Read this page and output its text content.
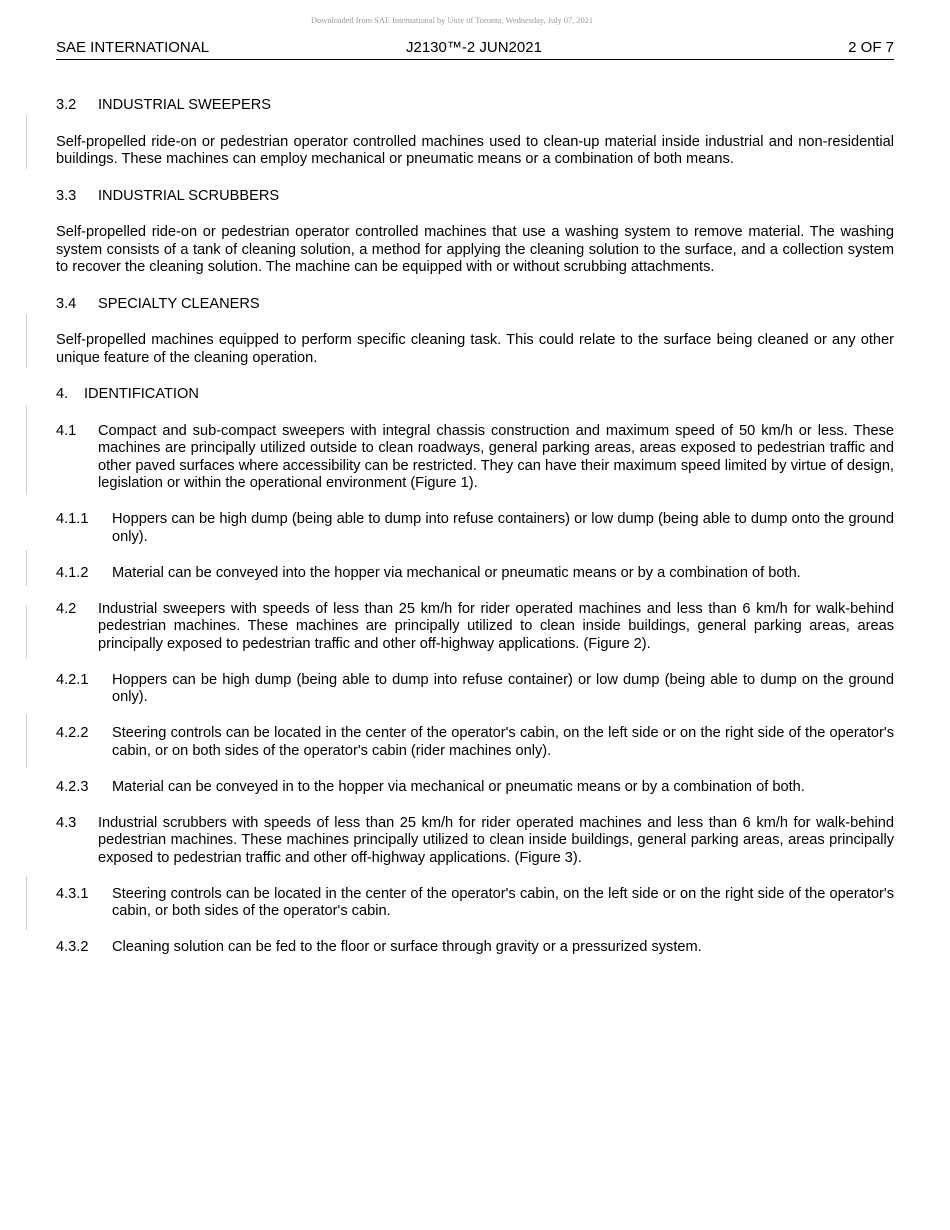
Downloaded from SAE International by Univ of Toronto, Wednesday, July 07, 2021
SAE INTERNATIONAL	J2130™-2 JUN2021	2 OF 7
3.2	INDUSTRIAL SWEEPERS
Self-propelled ride-on or pedestrian operator controlled machines used to clean-up material inside industrial and non-residential buildings. These machines can employ mechanical or pneumatic means or a combination of both means.
3.3	INDUSTRIAL SCRUBBERS
Self-propelled ride-on or pedestrian operator controlled machines that use a washing system to remove material. The washing system consists of a tank of cleaning solution, a method for applying the cleaning solution to the surface, and a collection system to recover the cleaning solution. The machine can be equipped with or without scrubbing attachments.
3.4	SPECIALTY CLEANERS
Self-propelled machines equipped to perform specific cleaning task. This could relate to the surface being cleaned or any other unique feature of the cleaning operation.
4.	IDENTIFICATION
4.1	Compact and sub-compact sweepers with integral chassis construction and maximum speed of 50 km/h or less. These machines are principally utilized outside to clean roadways, general parking areas, areas exposed to pedestrian traffic and other paved surfaces where accessibility can be restricted. They can have their maximum speed limited by virtue of design, legislation or within the operational environment (Figure 1).
4.1.1	Hoppers can be high dump (being able to dump into refuse containers) or low dump (being able to dump onto the ground only).
4.1.2	Material can be conveyed into the hopper via mechanical or pneumatic means or by a combination of both.
4.2	Industrial sweepers with speeds of less than 25 km/h for rider operated machines and less than 6 km/h for walk-behind pedestrian machines. These machines are principally utilized to clean inside buildings, general parking areas, areas principally exposed to pedestrian traffic and other off-highway applications. (Figure 2).
4.2.1	Hoppers can be high dump (being able to dump into refuse container) or low dump (being able to dump on the ground only).
4.2.2	Steering controls can be located in the center of the operator's cabin, on the left side or on the right side of the operator's cabin, or on both sides of the operator's cabin (rider machines only).
4.2.3	Material can be conveyed in to the hopper via mechanical or pneumatic means or by a combination of both.
4.3	Industrial scrubbers with speeds of less than 25 km/h for rider operated machines and less than 6 km/h for walk-behind pedestrian machines. These machines principally utilized to clean inside buildings, general parking areas, areas principally exposed to pedestrian traffic and other off-highway applications. (Figure 3).
4.3.1	Steering controls can be located in the center of the operator's cabin, on the left side or on the right side of the operator's cabin, or both sides of the operator's cabin.
4.3.2	Cleaning solution can be fed to the floor or surface through gravity or a pressurized system.
